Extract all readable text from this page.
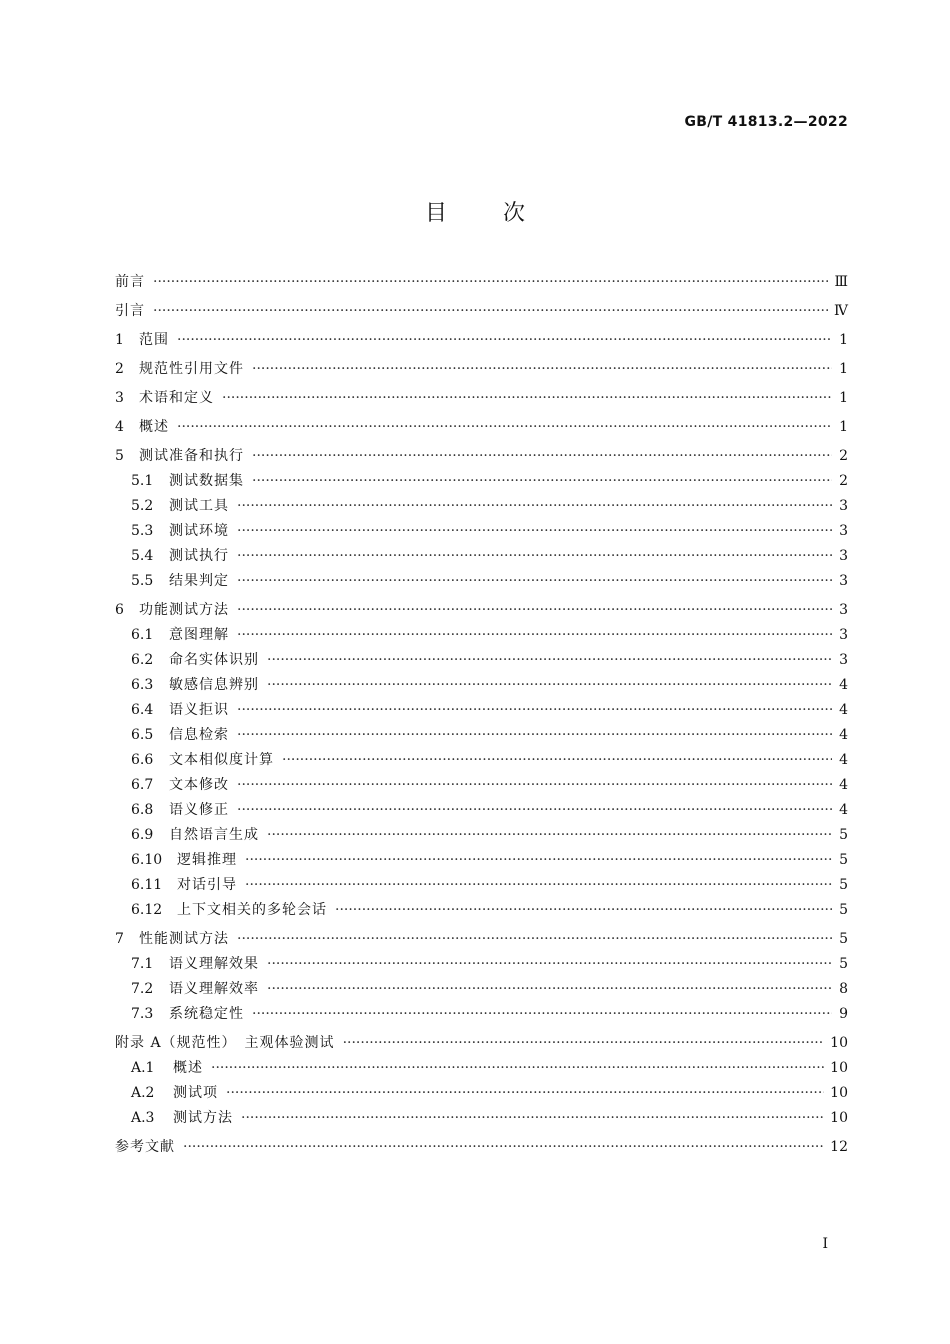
GB/T 41813.2—2022
目	次
前言 ·····	Ⅲ
引言 ·····	Ⅳ
1	范围 ·····	1
2	规范性引用文件 ·····	1
3	术语和定义 ·····	1
4	概述 ·····	1
5	测试准备和执行 ·····	2
5.1	测试数据集 ·····	2
5.2	测试工具 ·····	3
5.3	测试环境 ·····	3
5.4	测试执行 ·····	3
5.5	结果判定 ·····	3
6	功能测试方法 ·····	3
6.1	意图理解 ·····	3
6.2	命名实体识别 ·····	3
6.3	敏感信息辨别 ·····	4
6.4	语义拒识 ·····	4
6.5	信息检索 ·····	4
6.6	文本相似度计算 ·····	4
6.7	文本修改 ·····	4
6.8	语义修正 ·····	4
6.9	自然语言生成 ·····	5
6.10	逻辑推理 ·····	5
6.11	对话引导 ·····	5
6.12	上下文相关的多轮会话 ·····	5
7	性能测试方法 ·····	5
7.1	语义理解效果 ·····	5
7.2	语义理解效率 ·····	8
7.3	系统稳定性 ·····	9
附录 A（规范性）　主观体验测试 ·····	10
A.1	概述 ·····	10
A.2	测试项 ·····	10
A.3	测试方法 ·····	10
参考文献 ·····	12
I
